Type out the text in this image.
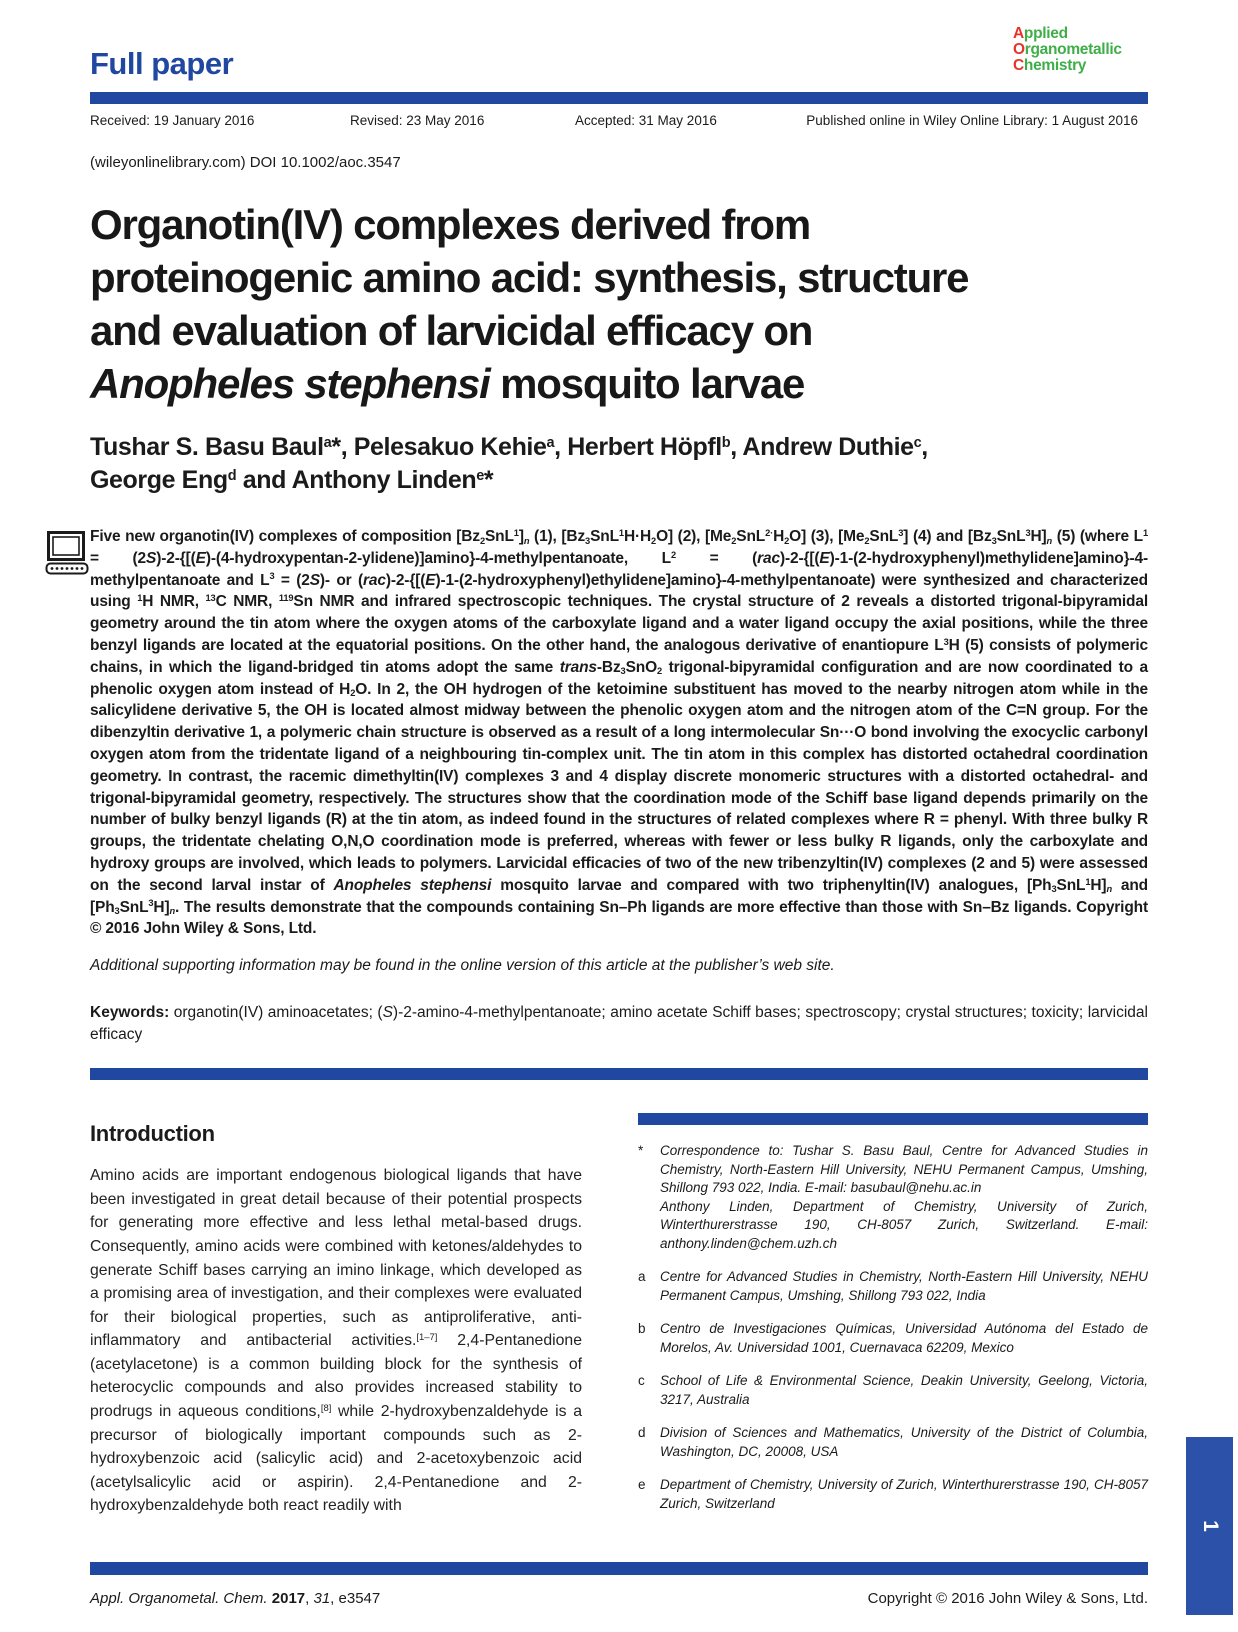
Full paper
Applied
Organometallic
Chemistry
Received: 19 January 2016	Revised: 23 May 2016	Accepted: 31 May 2016	Published online in Wiley Online Library: 1 August 2016
(wileyonlinelibrary.com) DOI 10.1002/aoc.3547
Organotin(IV) complexes derived from
proteinogenic amino acid: synthesis, structure
and evaluation of larvicidal efficacy on
Anopheles stephensi mosquito larvae
Tushar S. Basu Baul$^a$*, Pelesakuo Kehie$^a$, Herbert Höpfl$^b$, Andrew Duthie$^c$,
George Eng$^d$ and Anthony Linden$^e$*

Five new organotin(IV) complexes of composition $[Bz_2SnL^1]_n$ (1), $[Bz_3SnL^1H\cdot H_2O]$ (2), $[Me_2SnL^{2\cdot}H_2O]$ (3), $[Me_2SnL^3]$ (4) and $[Bz_3SnL^3H]_n$ (5) (where $L^1$ = (2S)-2-{[(E)-(4-hydroxypentan-2-ylidene)]amino}-4-methylpentanoate, $L^2$ = (rac)-2-{[(E)-1-(2-hydroxyphenyl)methylidene]amino}-4-methylpentanoate and $L^3 = (2S)-$ or (rac)-2-{[(E)-1-(2-hydroxyphenyl)ethylidene]amino}-4-methylpentanoate) were synthesized and characterized using $^1$H NMR, $^{13}$C NMR, $^{119}$Sn NMR and infrared spectroscopic techniques. The crystal structure of 2 reveals a distorted trigonal-bipyramidal geometry around the tin atom where the oxygen atoms of the carboxylate ligand and a water ligand occupy the axial positions, while the three benzyl ligands are located at the equatorial positions. On the other hand, the analogous derivative of enantiopure $L^3H$ (5) consists of polymeric chains, in which the ligand-bridged tin atoms adopt the same trans-$Bz_3SnO_2$ trigonal-bipyramidal configuration and are now coordinated to a phenolic oxygen atom instead of $H_2O$. In 2, the OH hydrogen of the ketoimine substituent has moved to the nearby nitrogen atom while in the salicylidene derivative 5, the OH is located almost midway between the phenolic oxygen atom and the nitrogen atom of the C=N group. For the dibenzyltin derivative 1, a polymeric chain structure is observed as a result of a long intermolecular Sn···O bond involving the exocyclic carbonyl oxygen atom from the tridentate ligand of a neighbouring tin-complex unit. The tin atom in this complex has distorted octahedral coordination geometry. In contrast, the racemic dimethyltin(IV) complexes 3 and 4 display discrete monomeric structures with a distorted octahedral- and trigonal-bipyramidal geometry, respectively. The structures show that the coordination mode of the Schiff base ligand depends primarily on the number of bulky benzyl ligands (R) at the tin atom, as indeed found in the structures of related complexes where R = phenyl. With three bulky R groups, the tridentate chelating O,N,O coordination mode is preferred, whereas with fewer or less bulky R ligands, only the carboxylate and hydroxy groups are involved, which leads to polymers. Larvicidal efficacies of two of the new tribenzyltin(IV) complexes (2 and 5) were assessed on the second larval instar of Anopheles stephensi mosquito larvae and compared with two triphenyltin(IV) analogues, $[Ph_3SnL^1H]_n$ and $[Ph_3SnL^3H]_n$. The results demonstrate that the compounds containing Sn–Ph ligands are more effective than those with Sn–Bz ligands. Copyright © 2016 John Wiley & Sons, Ltd.

Additional supporting information may be found in the online version of this article at the publisher’s web site.

Keywords: organotin(IV) aminoacetates; (S)-2-amino-4-methylpentanoate; amino acetate Schiff bases; spectroscopy; crystal structures; toxicity; larvicidal efficacy

Introduction

Amino acids are important endogenous biological ligands that have been investigated in great detail because of their potential prospects for generating more effective and less lethal metal-based drugs. Consequently, amino acids were combined with ketones/aldehydes to generate Schiff bases carrying an imino linkage, which developed as a promising area of investigation, and their complexes were evaluated for their biological properties, such as antiproliferative, anti-inflammatory and antibacterial activities.[1–7] 2,4-Pentanedione (acetylacetone) is a common building block for the synthesis of heterocyclic compounds and also provides increased stability to prodrugs in aqueous conditions,[8] while 2-hydroxybenzaldehyde is a precursor of biologically important compounds such as 2-hydroxybenzoic acid (salicylic acid) and 2-acetoxybenzoic acid (acetylsalicylic acid or aspirin). 2,4-Pentanedione and 2-hydroxybenzaldehyde both react readily with

*	Correspondence to: Tushar S. Basu Baul, Centre for Advanced Studies in Chemistry, North-Eastern Hill University, NEHU Permanent Campus, Umshing, Shillong 793 022, India. E-mail: basubaul@nehu.ac.in
Anthony Linden, Department of Chemistry, University of Zurich, Winterthurerstrasse 190, CH-8057 Zurich, Switzerland. E-mail: anthony.linden@chem.uzh.ch
a	Centre for Advanced Studies in Chemistry, North-Eastern Hill University, NEHU Permanent Campus, Umshing, Shillong 793 022, India
b	Centro de Investigaciones Químicas, Universidad Autónoma del Estado de Morelos, Av. Universidad 1001, Cuernavaca 62209, Mexico
c	School of Life & Environmental Science, Deakin University, Geelong, Victoria, 3217, Australia
d	Division of Sciences and Mathematics, University of the District of Columbia, Washington, DC, 20008, USA
e	Department of Chemistry, University of Zurich, Winterthurerstrasse 190, CH-8057 Zurich, Switzerland
Appl. Organometal. Chem. 2017, 31, e3547	Copyright © 2016 John Wiley & Sons, Ltd.
1
